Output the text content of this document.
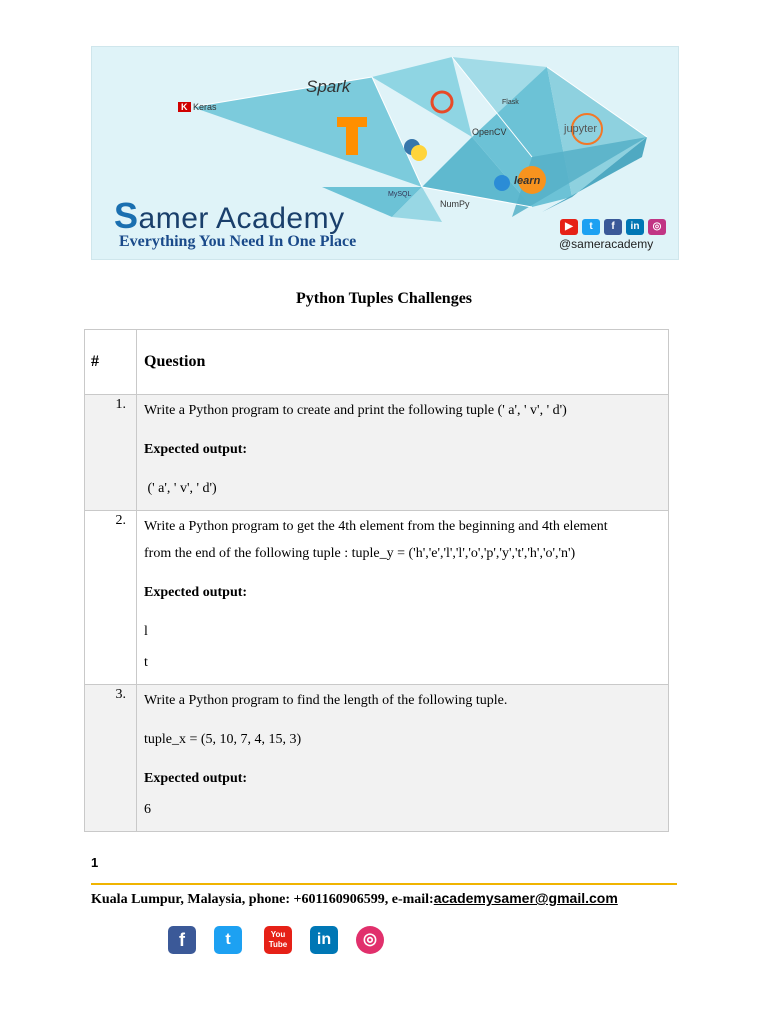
K Keras
Spark
OpenCV	jupyter
learn
NumPy
MySQL
Flask
Samer Academy
Everything You Need In One Place
▶	t	f	in	◎
@sameracademy
Python Tuples Challenges
#	Question
1.	Write a Python program to create and print the following tuple (' a', ' v', ' d')

Expected output:

(' a', ' v', ' d')

2.	Write a Python program to get the 4th element from the beginning and 4th element

from the end of the following tuple : tuple_y = ('h','e','l','l','o','p','y','t','h','o','n')

Expected output:

l

t

3.	Write a Python program to find the length of the following tuple.

tuple_x = (5, 10, 7, 4, 15, 3)

Expected output:

6

1
Kuala Lumpur, Malaysia, phone: +601160906599, e-mail:academysamer@gmail.com
f	t	You
Tube	in	◎
